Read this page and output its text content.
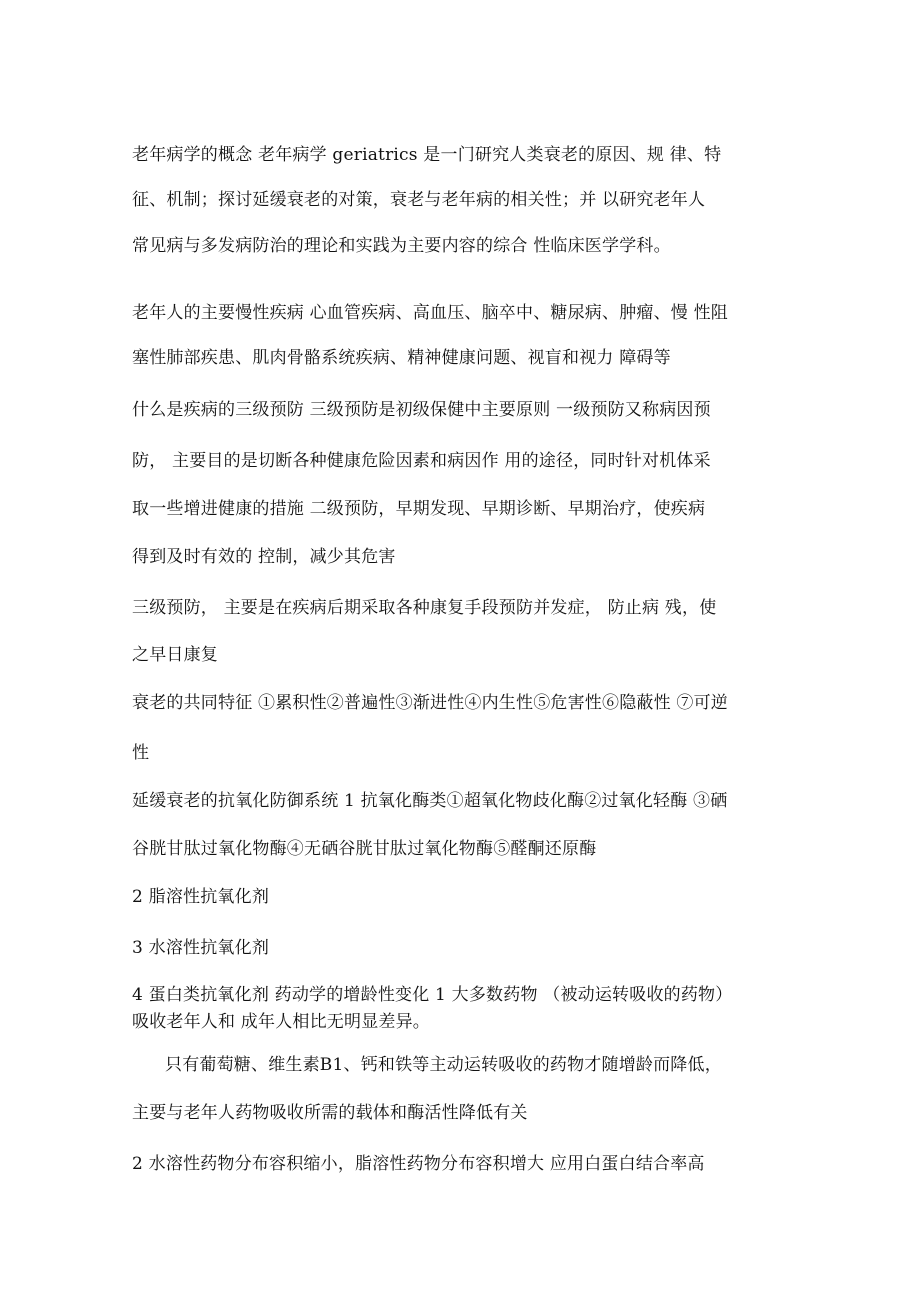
老年病学的概念 老年病学 geriatrics 是一门研究人类衰老的原因、规 律、特
征、机制；探讨延缓衰老的对策，衰老与老年病的相关性；并 以研究老年人
常见病与多发病防治的理论和实践为主要内容的综合 性临床医学学科。
老年人的主要慢性疾病 心血管疾病、高血压、脑卒中、糖尿病、肿瘤、慢 性阻
塞性肺部疾患、肌肉骨骼系统疾病、精神健康问题、视盲和视力 障碍等
什么是疾病的三级预防 三级预防是初级保健中主要原则 一级预防又称病因预
防， 主要目的是切断各种健康危险因素和病因作 用的途径，同时针对机体采
取一些增进健康的措施 二级预防，早期发现、早期诊断、早期治疗，使疾病
得到及时有效的 控制，减少其危害
三级预防， 主要是在疾病后期采取各种康复手段预防并发症， 防止病 残，使
之早日康复
衰老的共同特征 ①累积性②普遍性③渐进性④内生性⑤危害性⑥隐蔽性 ⑦可逆
性
延缓衰老的抗氧化防御系统 1 抗氧化酶类①超氧化物歧化酶②过氧化轻酶 ③硒
谷胱甘肽过氧化物酶④无硒谷胱甘肽过氧化物酶⑤醛酮还原酶
2 脂溶性抗氧化剂
3 水溶性抗氧化剂
4 蛋白类抗氧化剂 药动学的增龄性变化 1 大多数药物 （被动运转吸收的药物）
吸收老年人和 成年人相比无明显差异。
只有葡萄糖、维生素B1、钙和铁等主动运转吸收的药物才随增龄而降低，
主要与老年人药物吸收所需的载体和酶活性降低有关
2 水溶性药物分布容积缩小，脂溶性药物分布容积增大 应用白蛋白结合率高
